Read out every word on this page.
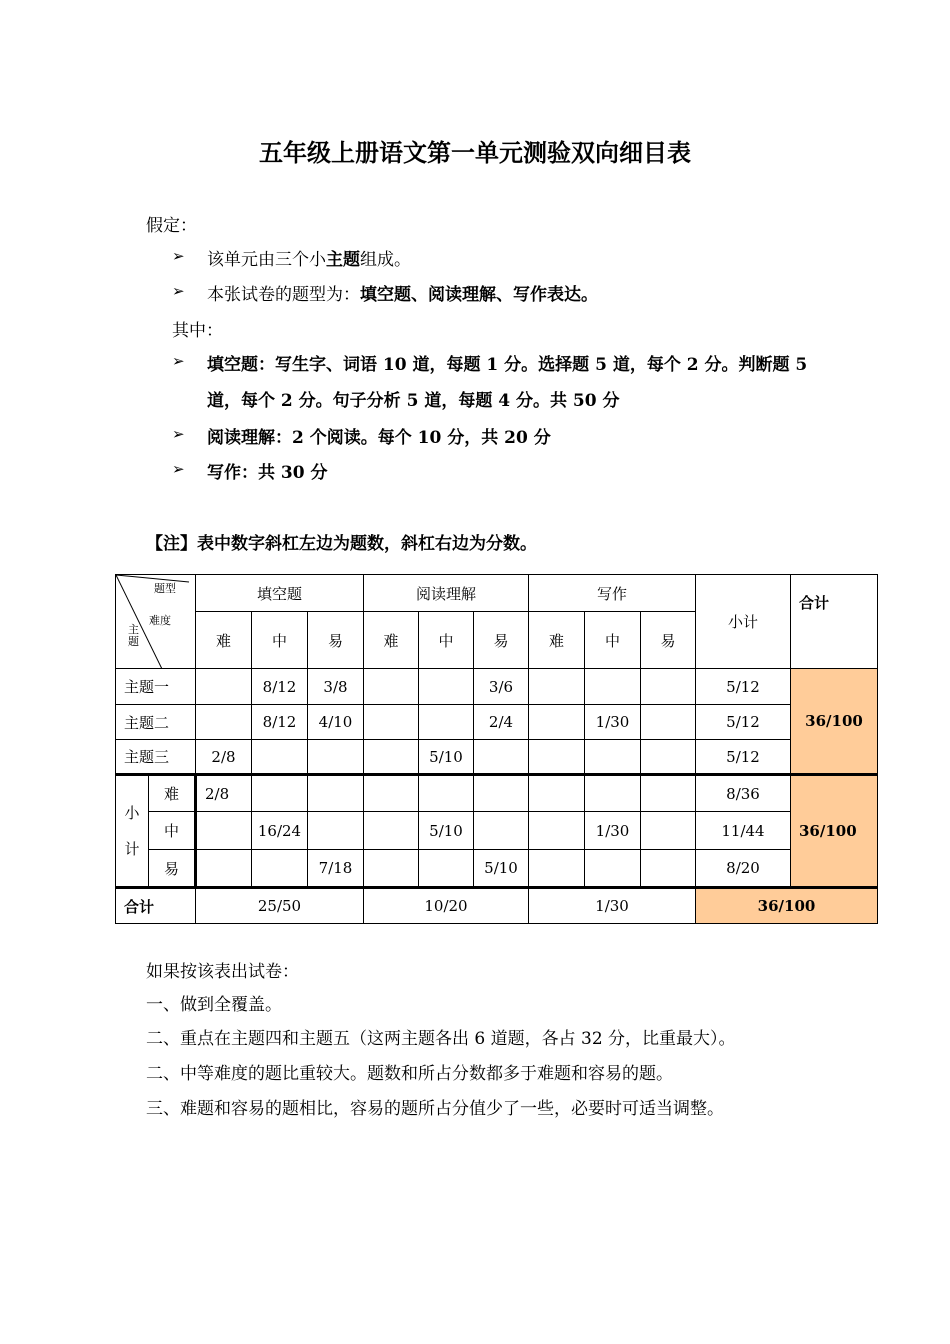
五年级上册语文第一单元测验双向细目表
假定：
➢ 该单元由三个小主题组成。
➢ 本张试卷的题型为：填空题、阅读理解、写作表达。
其中：
➢ 填空题：写生字、词语 10 道，每题 1 分。选择题 5 道，每个 2 分。判断题 5
道，每个 2 分。句子分析 5 道，每题 4 分。共 50 分
➢ 阅读理解：2 个阅读。每个 10 分，共 20 分
➢ 写作：共 30 分
【注】表中数字斜杠左边为题数，斜杠右边为分数。
题型
难度
主题		填空题			阅读理解			写作			小计	合计
		难	中	易	难	中	易	难	中	易		
主题一			8/12	3/8			3/6				5/12	36/100
主题二			8/12	4/10			2/4		1/30		5/12	
主题三		2/8				5/10					5/12	
小
计	难	2/8									8/36	36/100
	中		16/24			5/10			1/30		11/44	
	易			7/18			5/10				8/20	
合计		25/50			10/20			1/30			36/100	
如果按该表出试卷：
一、做到全覆盖。
二、重点在主题四和主题五（这两主题各出 6 道题，各占 32 分，比重最大）。
二、中等难度的题比重较大。题数和所占分数都多于难题和容易的题。
三、难题和容易的题相比，容易的题所占分值少了一些，必要时可适当调整。
